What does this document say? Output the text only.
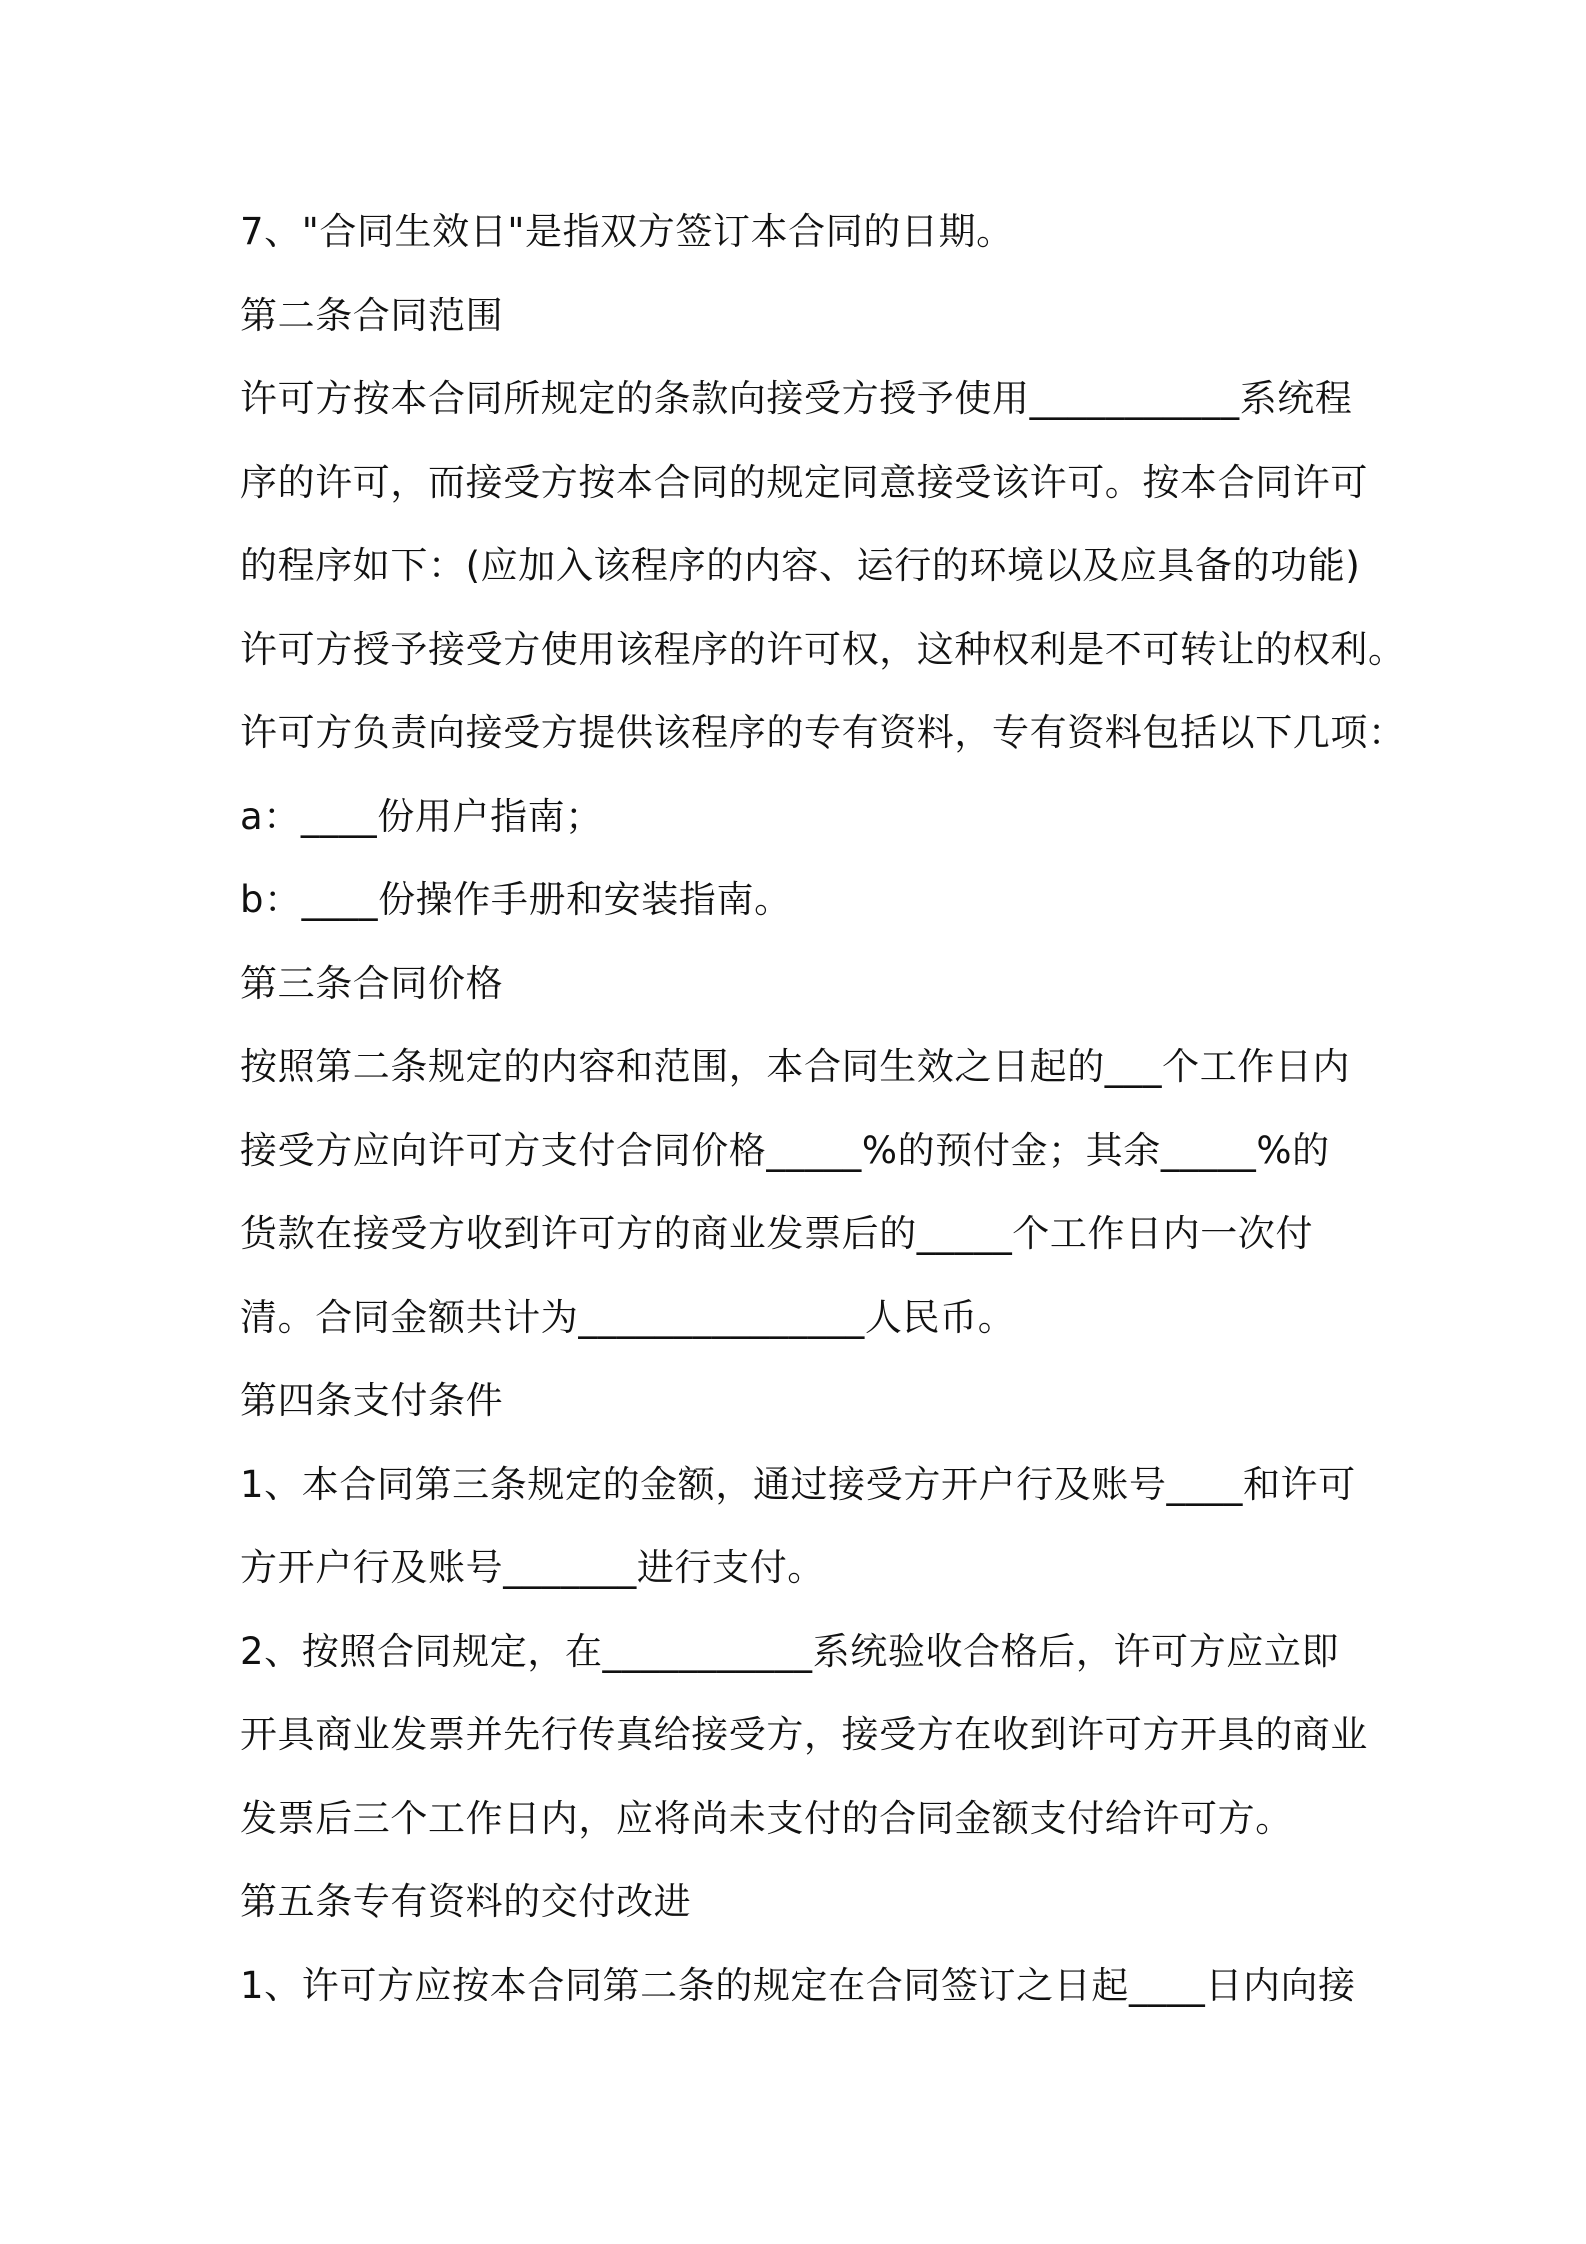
7、"合同生效日"是指双方签订本合同的日期。
第二条合同范围
许可方按本合同所规定的条款向接受方授予使用___________系统程
序的许可，而接受方按本合同的规定同意接受该许可。按本合同许可
的程序如下：(应加入该程序的内容、运行的环境以及应具备的功能)
许可方授予接受方使用该程序的许可权，这种权利是不可转让的权利。
许可方负责向接受方提供该程序的专有资料，专有资料包括以下几项：
a：____份用户指南；
b：____份操作手册和安装指南。
第三条合同价格
按照第二条规定的内容和范围，本合同生效之日起的___个工作日内
接受方应向许可方支付合同价格_____%的预付金；其余_____%的
货款在接受方收到许可方的商业发票后的_____个工作日内一次付
清。合同金额共计为_______________人民币。
第四条支付条件
1、本合同第三条规定的金额，通过接受方开户行及账号____和许可
方开户行及账号_______进行支付。
2、按照合同规定，在___________系统验收合格后，许可方应立即
开具商业发票并先行传真给接受方，接受方在收到许可方开具的商业
发票后三个工作日内，应将尚未支付的合同金额支付给许可方。
第五条专有资料的交付改进
1、许可方应按本合同第二条的规定在合同签订之日起____日内向接
